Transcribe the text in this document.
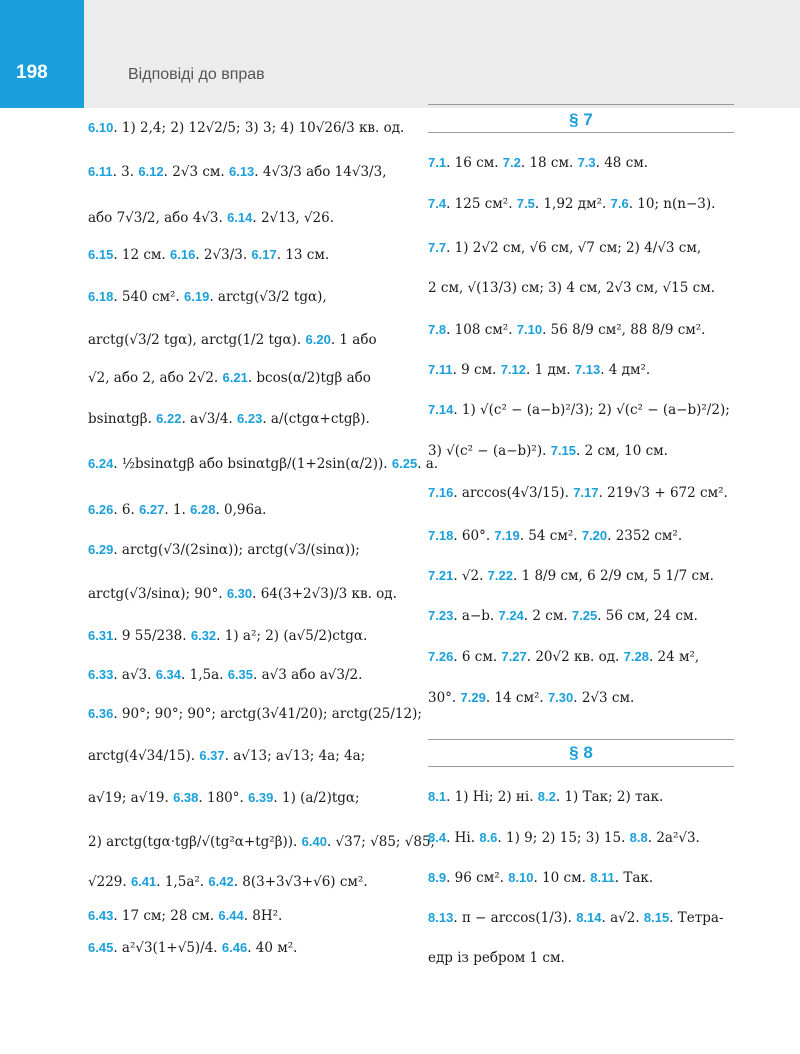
198	Відповіді до вправ
6.10. 1) 2,4; 2) 12√2/5; 3) 3; 4) 10√26/3 кв. од.
6.11. 3. 6.12. 2√3 см. 6.13. 4√3/3 або 14√3/3,
або 7√3/2, або 4√3. 6.14. 2√13, √26.
6.15. 12 см. 6.16. 2√3/3. 6.17. 13 см.
6.18. 540 см². 6.19. arctg(√3/2 tgα),
arctg(√3/2 tgα), arctg(1/2 tgα). 6.20. 1 або
√2, або 2, або 2√2. 6.21. bcos(α/2)tgβ або
bsinαtgβ. 6.22. a√3/4. 6.23. a/(ctgα+ctgβ).
6.24. ½bsinαtgβ або bsinαtgβ/(1+2sin(α/2)). 6.25. a.
6.26. 6. 6.27. 1. 6.28. 0,96a.
6.29. arctg(√3/(2sinα)); arctg(√3/(sinα));
arctg(√3/sinα); 90°. 6.30. 64(3+2√3)/3 кв. од.
6.31. 9 55/238. 6.32. 1) a²; 2) (a√5/2)ctgα.
6.33. a√3. 6.34. 1,5a. 6.35. a√3 або a√3/2.
6.36. 90°; 90°; 90°; arctg(3√41/20); arctg(25/12);
arctg(4√34/15). 6.37. a√13; a√13; 4a; 4a;
a√19; a√19. 6.38. 180°. 6.39. 1) (a/2)tgα;
2) arctg(tgα·tgβ/√(tg²α+tg²β)). 6.40. √37; √85; √85;
√229. 6.41. 1,5a². 6.42. 8(3+3√3+√6) см².
6.43. 17 см; 28 см. 6.44. 8H².
6.45. a²√3(1+√5)/4. 6.46. 40 м².
§ 7
7.1. 16 см. 7.2. 18 см. 7.3. 48 см.
7.4. 125 см². 7.5. 1,92 дм². 7.6. 10; n(n−3).
7.7. 1) 2√2 см, √6 см, √7 см; 2) 4/√3 см,
2 см, √(13/3) см; 3) 4 см, 2√3 см, √15 см.
7.8. 108 см². 7.10. 56 8/9 см², 88 8/9 см².
7.11. 9 см. 7.12. 1 дм. 7.13. 4 дм².
7.14. 1) √(c² − (a−b)²/3); 2) √(c² − (a−b)²/2);
3) √(c² − (a−b)²). 7.15. 2 см, 10 см.
7.16. arccos(4√3/15). 7.17. 219√3 + 672 см².
7.18. 60°. 7.19. 54 см². 7.20. 2352 см².
7.21. √2. 7.22. 1 8/9 см, 6 2/9 см, 5 1/7 см.
7.23. a−b. 7.24. 2 см. 7.25. 56 см, 24 см.
7.26. 6 см. 7.27. 20√2 кв. од. 7.28. 24 м²,
30°. 7.29. 14 см². 7.30. 2√3 см.
§ 8
8.1. 1) Ні; 2) ні. 8.2. 1) Так; 2) так.
8.4. Ні. 8.6. 1) 9; 2) 15; 3) 15. 8.8. 2a²√3.
8.9. 96 см². 8.10. 10 см. 8.11. Так.
8.13. π − arccos(1/3). 8.14. a√2. 8.15. Тетра-
едр із ребром 1 см.
